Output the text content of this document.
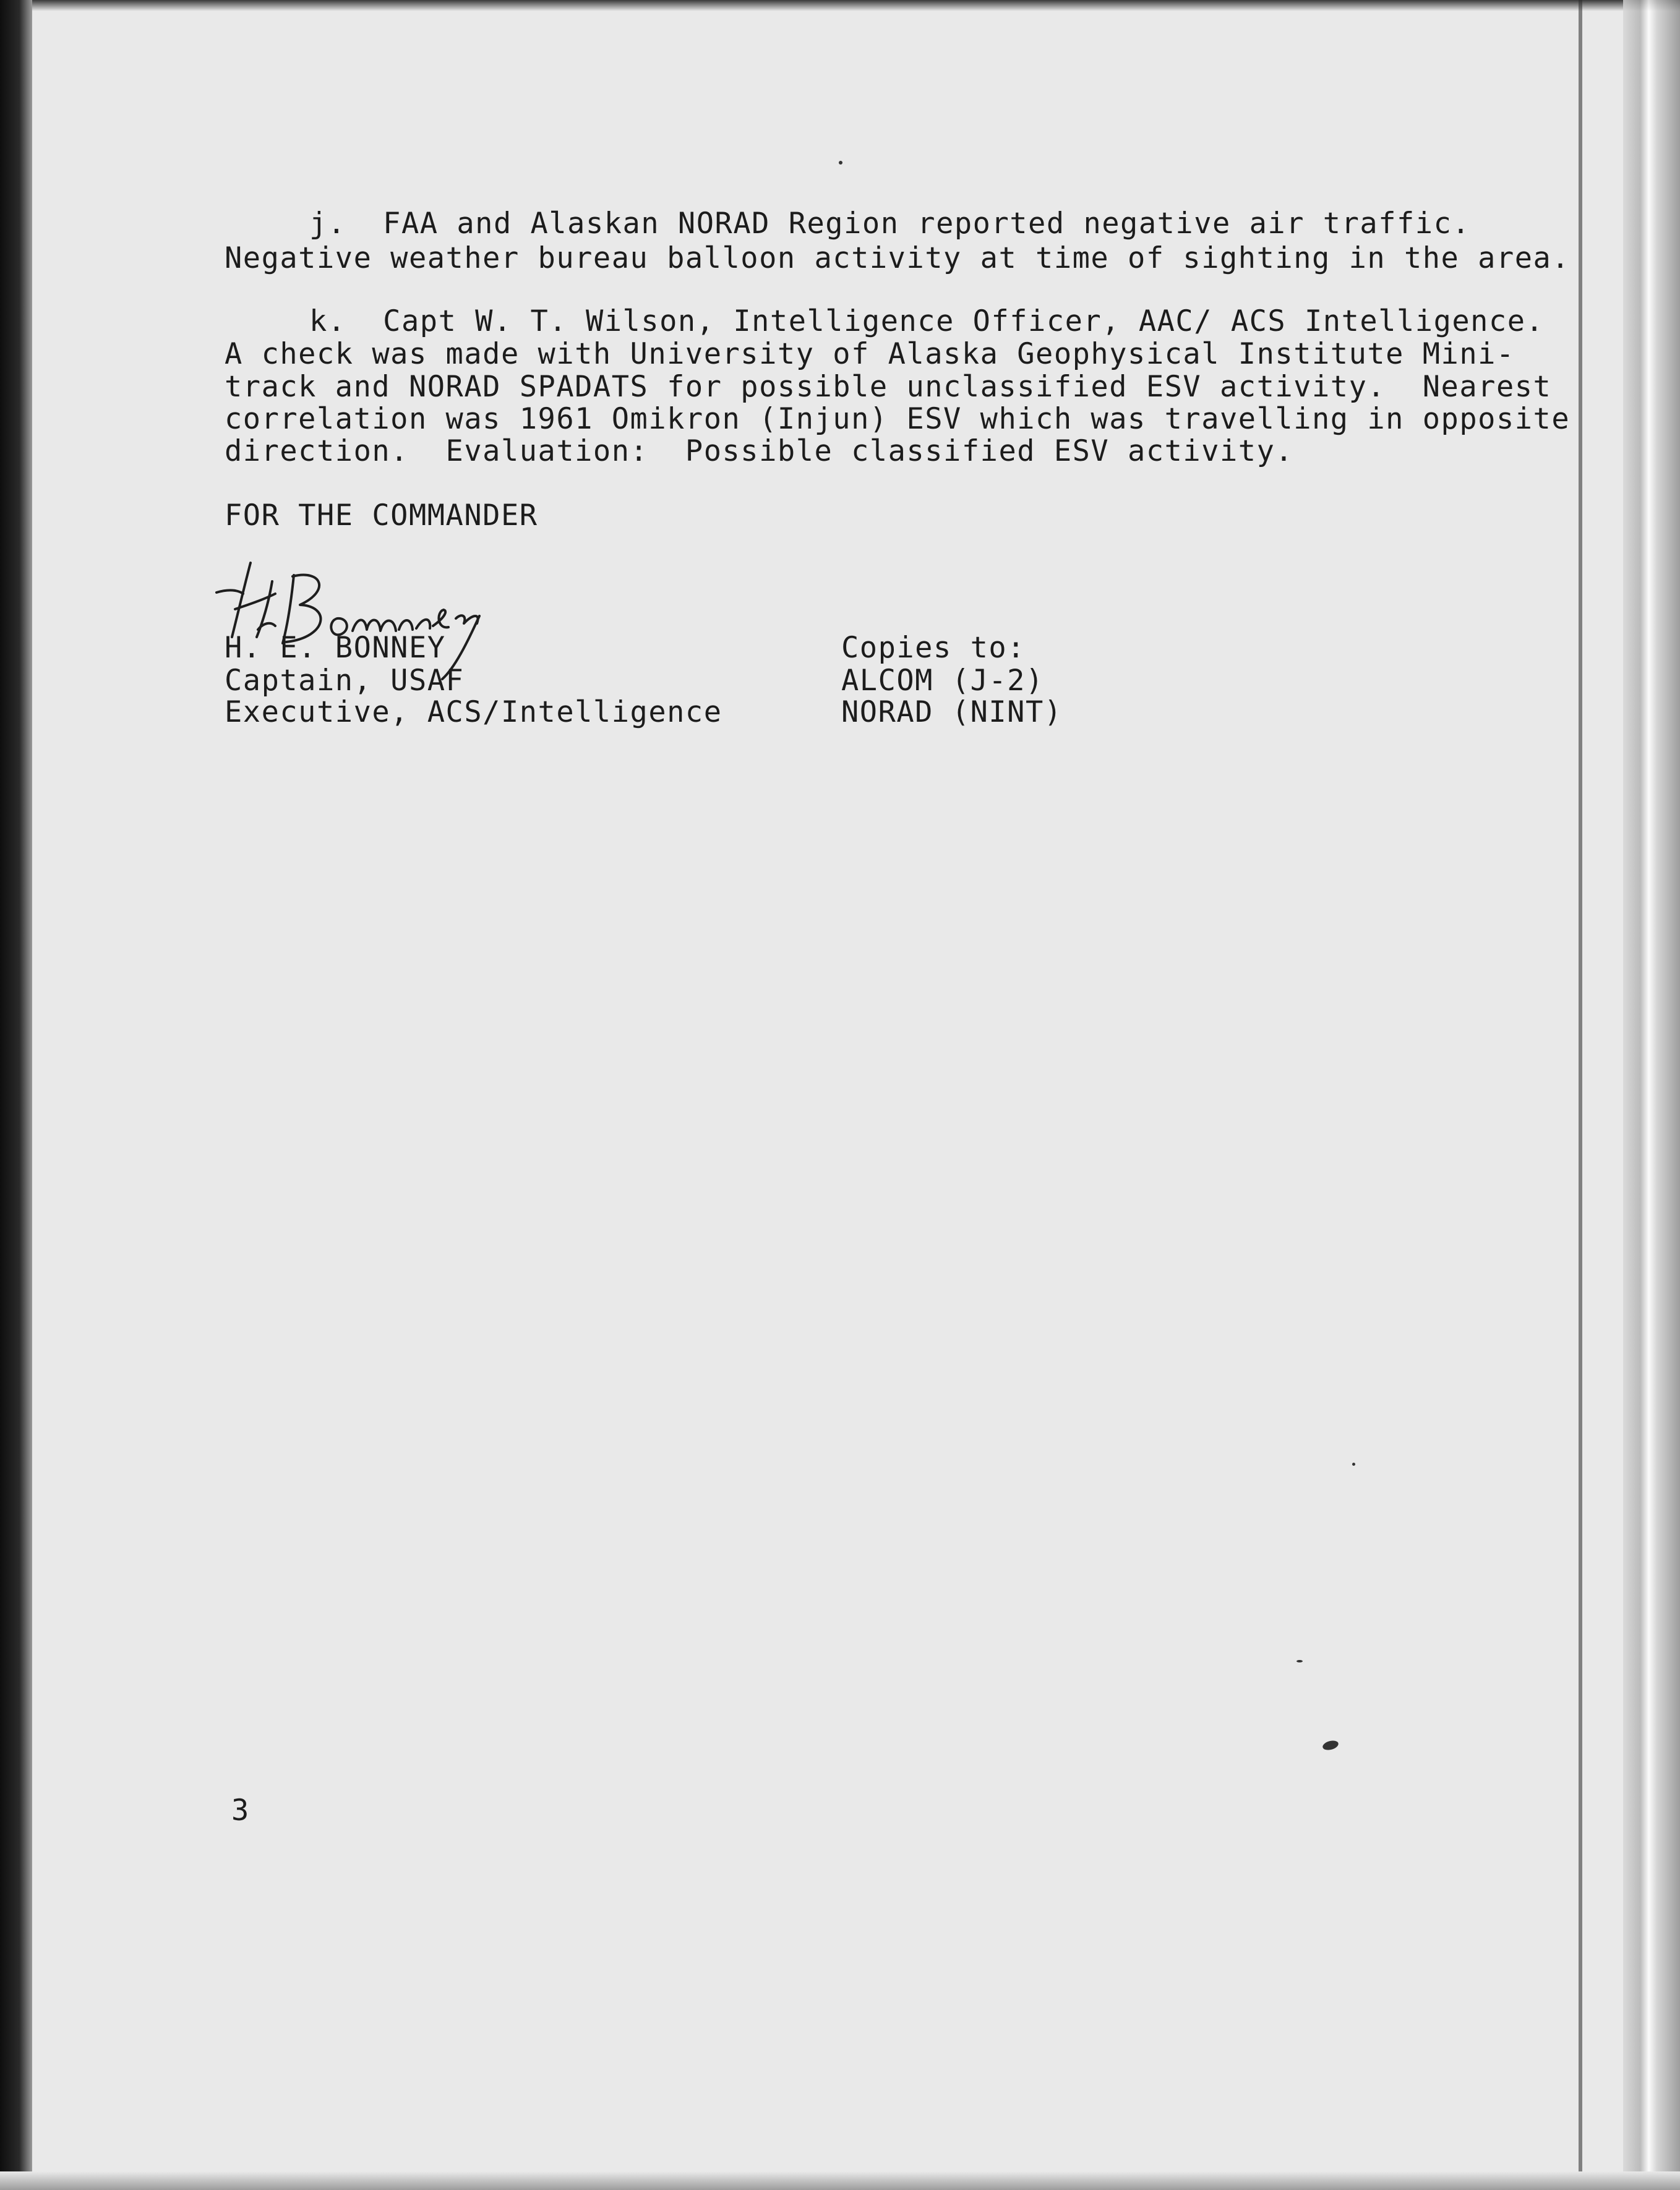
j.  FAA and Alaskan NORAD Region reported negative air traffic.
Negative weather bureau balloon activity at time of sighting in the area.
k.  Capt W. T. Wilson, Intelligence Officer, AAC/ ACS Intelligence.
A check was made with University of Alaska Geophysical Institute Mini-
track and NORAD SPADATS for possible unclassified ESV activity.  Nearest
correlation was 1961 Omikron (Injun) ESV which was travelling in opposite
direction.  Evaluation:  Possible classified ESV activity.
FOR THE COMMANDER
H. E. BONNEY
Captain, USAF
Executive, ACS/Intelligence
Copies to:
ALCOM (J-2)
NORAD (NINT)
3
